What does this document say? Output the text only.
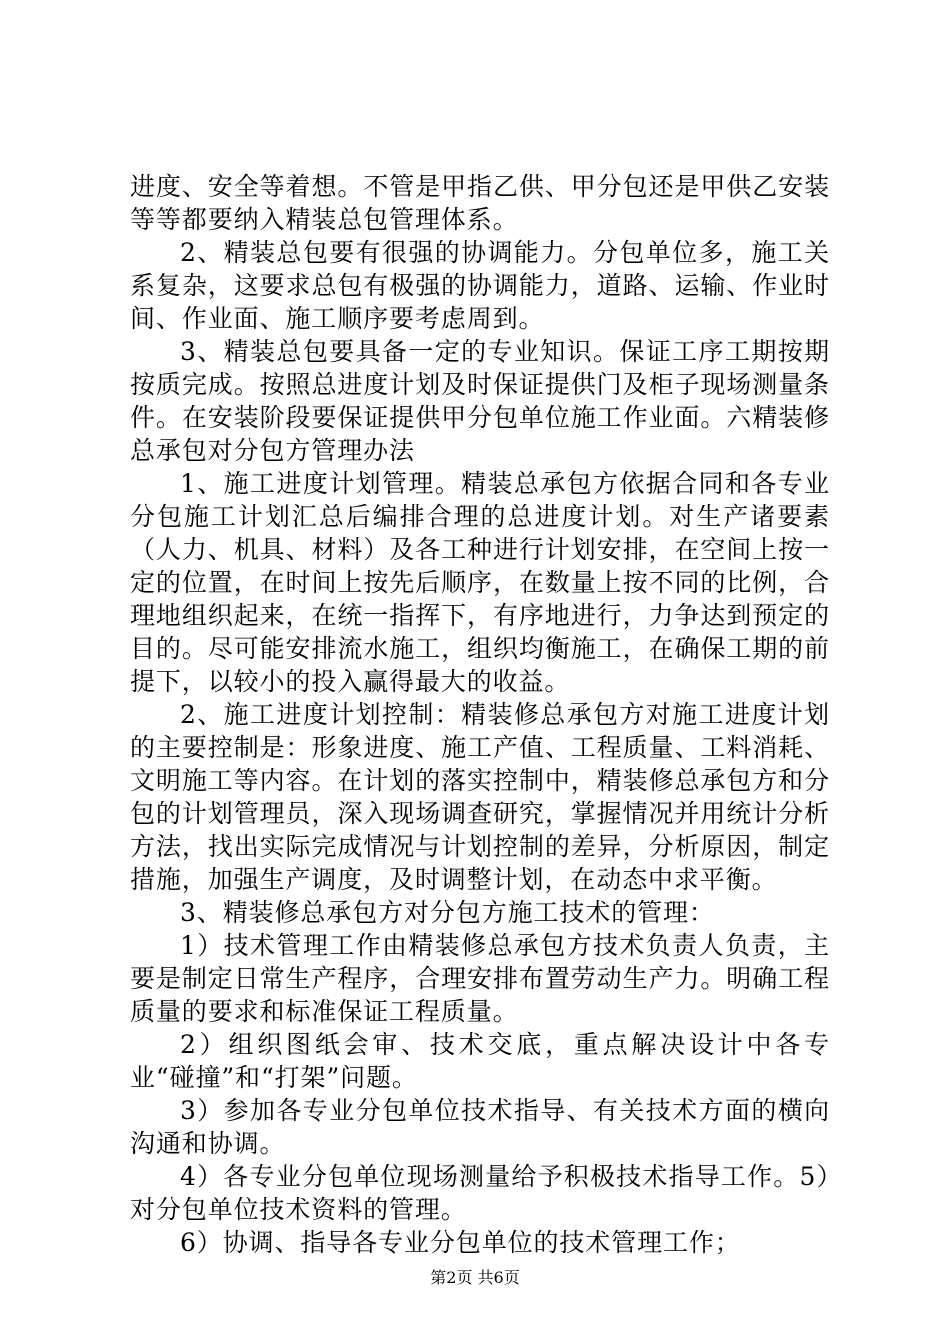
进度、安全等着想。不管是甲指乙供、甲分包还是甲供乙安装等等都要纳入精装总包管理体系。

2、精装总包要有很强的协调能力。分包单位多，施工关系复杂，这要求总包有极强的协调能力，道路、运输、作业时间、作业面、施工顺序要考虑周到。

3、精装总包要具备一定的专业知识。保证工序工期按期按质完成。按照总进度计划及时保证提供门及柜子现场测量条件。在安装阶段要保证提供甲分包单位施工作业面。六精装修总承包对分包方管理办法

1、施工进度计划管理。精装总承包方依据合同和各专业分包施工计划汇总后编排合理的总进度计划。对生产诸要素（人力、机具、材料）及各工种进行计划安排，在空间上按一定的位置，在时间上按先后顺序，在数量上按不同的比例，合理地组织起来，在统一指挥下，有序地进行，力争达到预定的目的。尽可能安排流水施工，组织均衡施工，在确保工期的前提下，以较小的投入赢得最大的收益。

2、施工进度计划控制：精装修总承包方对施工进度计划的主要控制是：形象进度、施工产值、工程质量、工料消耗、文明施工等内容。在计划的落实控制中，精装修总承包方和分包的计划管理员，深入现场调查研究，掌握情况并用统计分析方法，找出实际完成情况与计划控制的差异，分析原因，制定措施，加强生产调度，及时调整计划，在动态中求平衡。

3、精装修总承包方对分包方施工技术的管理：

1）技术管理工作由精装修总承包方技术负责人负责，主要是制定日常生产程序，合理安排布置劳动生产力。明确工程质量的要求和标准保证工程质量。

2）组织图纸会审、技术交底，重点解决设计中各专业“碰撞”和“打架”问题。

3）参加各专业分包单位技术指导、有关技术方面的横向沟通和协调。

4）各专业分包单位现场测量给予积极技术指导工作。5）对分包单位技术资料的管理。

6）协调、指导各专业分包单位的技术管理工作；

第2页 共6页
